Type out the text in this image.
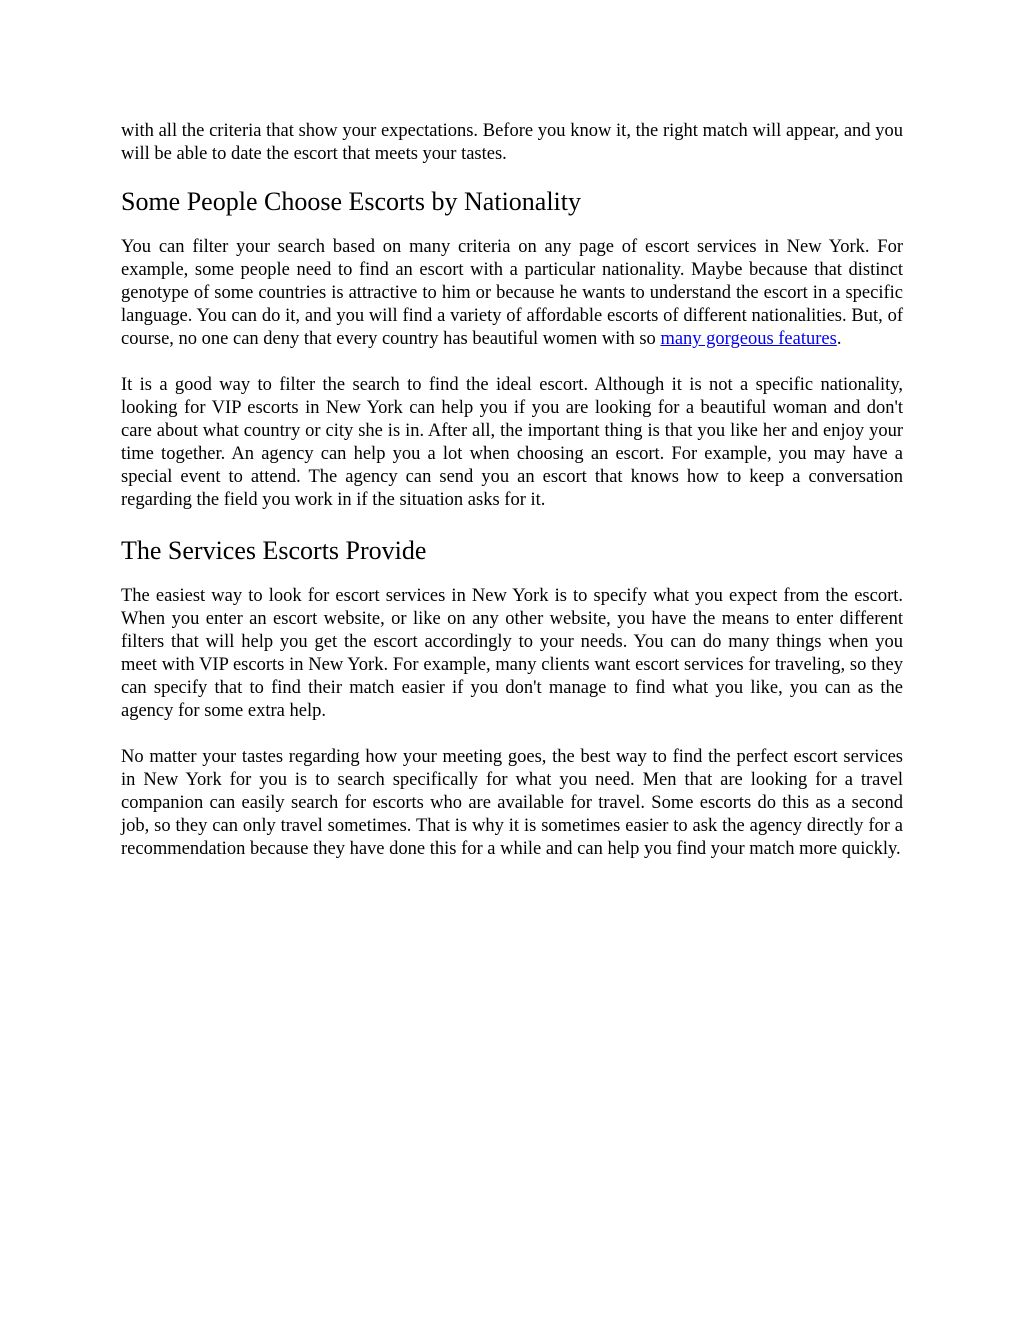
with all the criteria that show your expectations. Before you know it, the right match will appear, and you will be able to date the escort that meets your tastes.

Some People Choose Escorts by Nationality

You can filter your search based on many criteria on any page of escort services in New York. For example, some people need to find an escort with a particular nationality. Maybe because that distinct genotype of some countries is attractive to him or because he wants to understand the escort in a specific language. You can do it, and you will find a variety of affordable escorts of different nationalities. But, of course, no one can deny that every country has beautiful women with so many gorgeous features.

It is a good way to filter the search to find the ideal escort. Although it is not a specific nationality, looking for VIP escorts in New York can help you if you are looking for a beautiful woman and don't care about what country or city she is in. After all, the important thing is that you like her and enjoy your time together. An agency can help you a lot when choosing an escort. For example, you may have a special event to attend. The agency can send you an escort that knows how to keep a conversation regarding the field you work in if the situation asks for it.

The Services Escorts Provide

The easiest way to look for escort services in New York is to specify what you expect from the escort. When you enter an escort website, or like on any other website, you have the means to enter different filters that will help you get the escort accordingly to your needs. You can do many things when you meet with VIP escorts in New York. For example, many clients want escort services for traveling, so they can specify that to find their match easier if you don't manage to find what you like, you can as the agency for some extra help.

No matter your tastes regarding how your meeting goes, the best way to find the perfect escort services in New York for you is to search specifically for what you need. Men that are looking for a travel companion can easily search for escorts who are available for travel. Some escorts do this as a second job, so they can only travel sometimes. That is why it is sometimes easier to ask the agency directly for a recommendation because they have done this for a while and can help you find your match more quickly.
